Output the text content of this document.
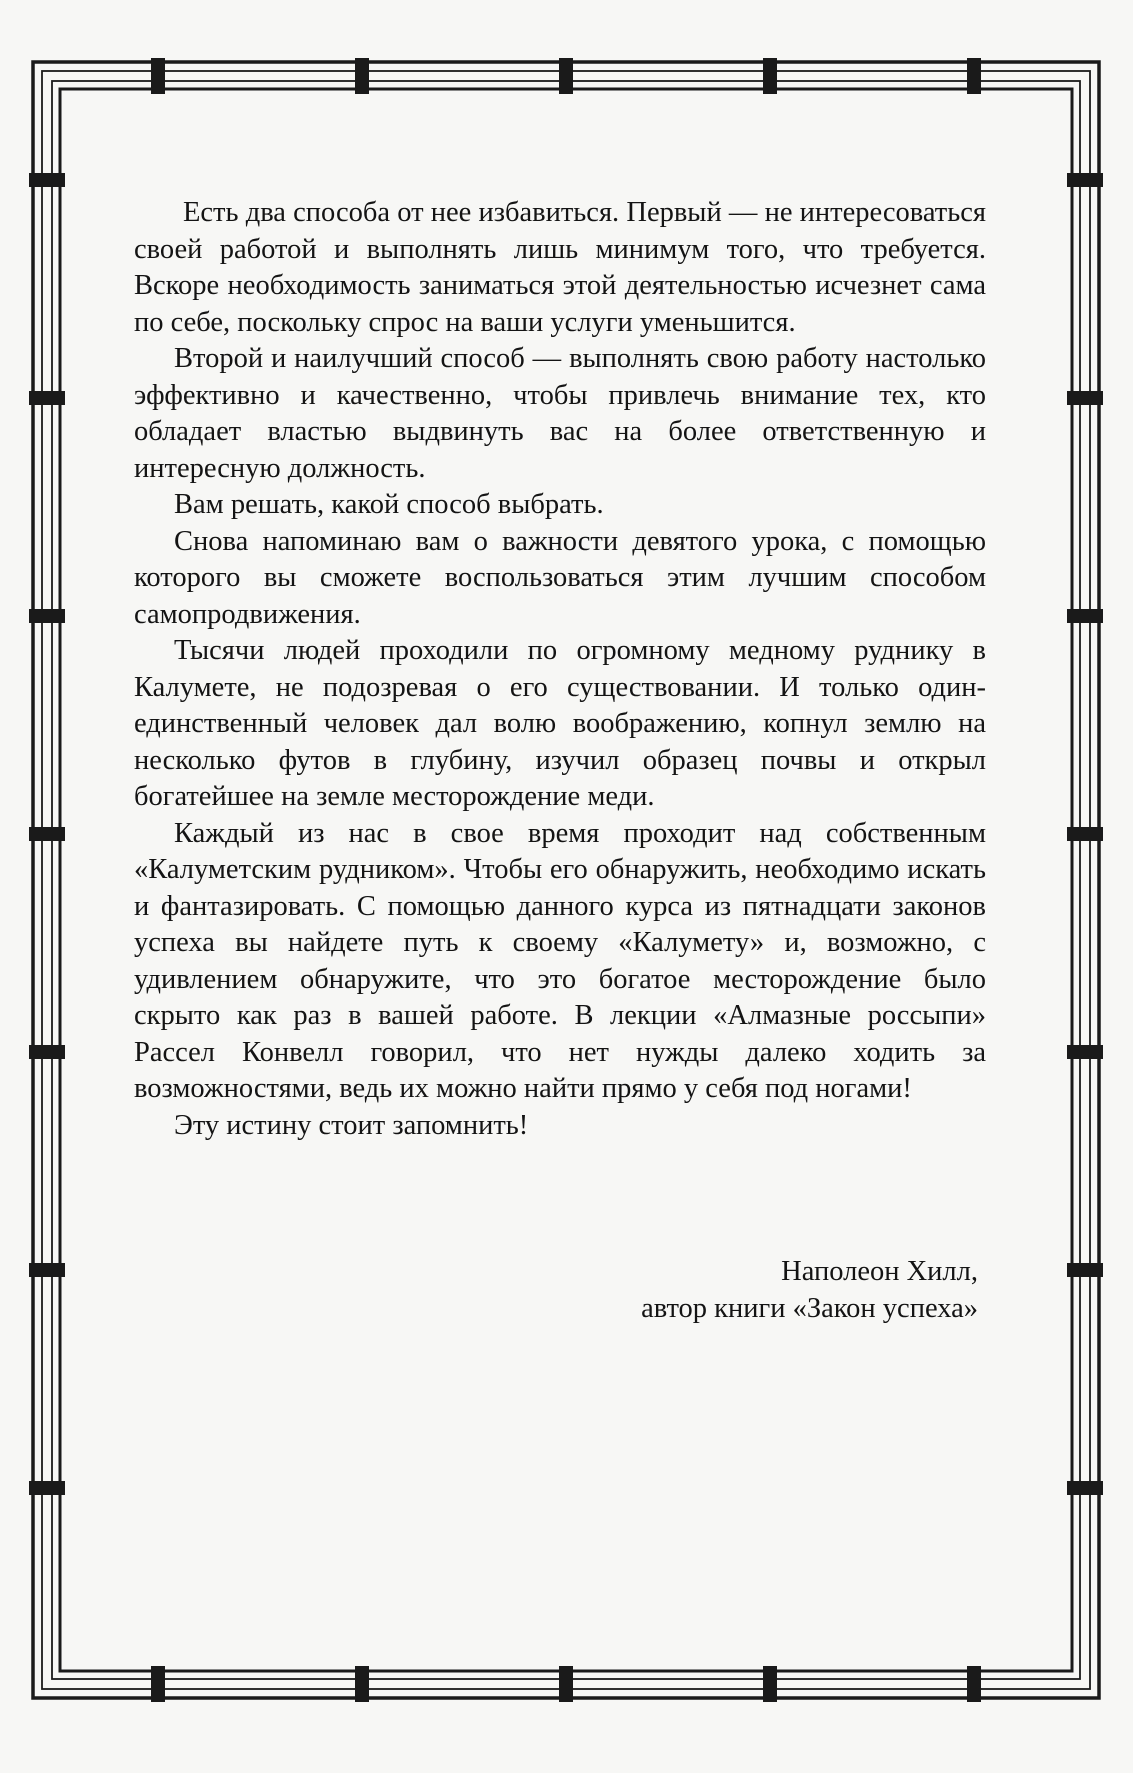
Есть два способа от нее избавиться. Первый — не интересоваться своей работой и выполнять лишь минимум того, что требуется. Вскоре необходимость заниматься этой деятельностью исчезнет сама по себе, поскольку спрос на ваши услуги уменьшится.

Второй и наилучший способ — выполнять свою работу настолько эффективно и качественно, чтобы привлечь внимание тех, кто обладает властью выдвинуть вас на более ответственную и интересную должность.

Вам решать, какой способ выбрать.

Снова напоминаю вам о важности девятого урока, с помощью которого вы сможете воспользоваться этим лучшим способом самопродвижения.

Тысячи людей проходили по огромному медному руднику в Калумете, не подозревая о его существовании. И только один-единственный человек дал волю воображению, копнул землю на несколько футов в глубину, изучил образец почвы и открыл богатейшее на земле месторождение меди.

Каждый из нас в свое время проходит над собственным «Калуметским рудником». Чтобы его обнаружить, необходимо искать и фантазировать. С помощью данного курса из пятнадцати законов успеха вы найдете путь к своему «Калумету» и, возможно, с удивлением обнаружите, что это богатое месторождение было скрыто как раз в вашей работе. В лекции «Алмазные россыпи» Рассел Конвелл говорил, что нет нужды далеко ходить за возможностями, ведь их можно найти прямо у себя под ногами!

Эту истину стоит запомнить!

Наполеон Хилл,
автор книги «Закон успеха»
